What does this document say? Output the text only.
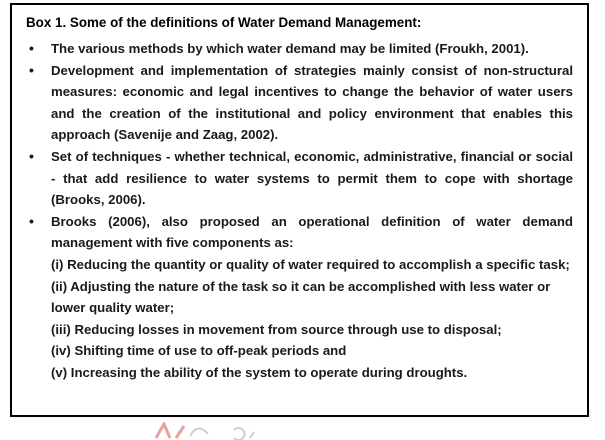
Box 1. Some of the definitions of Water Demand Management:
• The various methods by which water demand may be limited (Froukh, 2001).
• Development and implementation of strategies mainly consist of non-structural measures: economic and legal incentives to change the behavior of water users and the creation of the institutional and policy environment that enables this approach (Savenije and Zaag, 2002).
• Set of techniques - whether technical, economic, administrative, financial or social - that add resilience to water systems to permit them to cope with shortage (Brooks, 2006).
• Brooks (2006), also proposed an operational definition of water demand management with five components as:
(i) Reducing the quantity or quality of water required to accomplish a specific task;
(ii) Adjusting the nature of the task so it can be accomplished with less water or lower quality water;
(iii) Reducing losses in movement from source through use to disposal;
(iv) Shifting time of use to off-peak periods and
(v) Increasing the ability of the system to operate during droughts.
